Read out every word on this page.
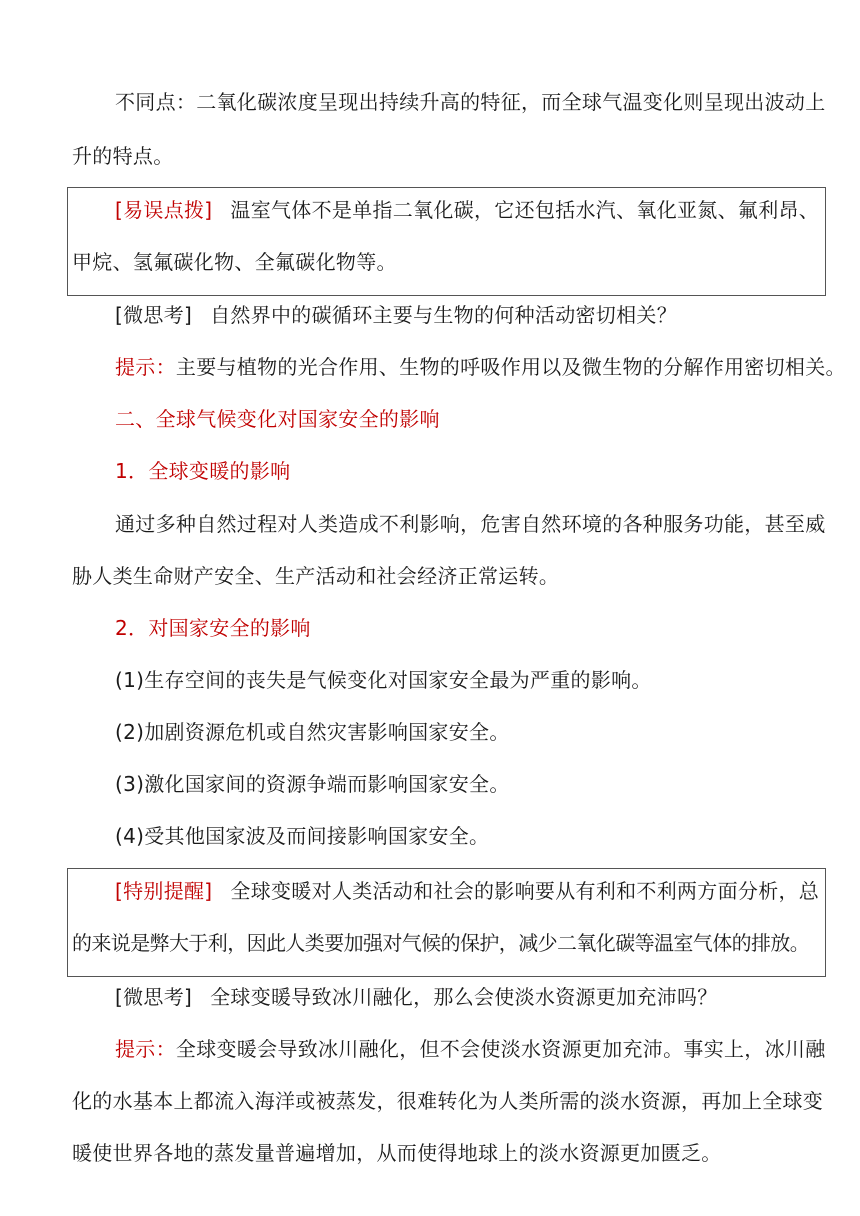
不同点：二氧化碳浓度呈现出持续升高的特征，而全球气温变化则呈现出波动上
升的特点。
[易误点拨] 温室气体不是单指二氧化碳，它还包括水汽、氧化亚氮、氟利昂、
甲烷、氢氟碳化物、全氟碳化物等。
[微思考] 自然界中的碳循环主要与生物的何种活动密切相关？
提示：主要与植物的光合作用、生物的呼吸作用以及微生物的分解作用密切相关。
二、全球气候变化对国家安全的影响
1．全球变暖的影响
通过多种自然过程对人类造成不利影响，危害自然环境的各种服务功能，甚至威
胁人类生命财产安全、生产活动和社会经济正常运转。
2．对国家安全的影响
(1)生存空间的丧失是气候变化对国家安全最为严重的影响。
(2)加剧资源危机或自然灾害影响国家安全。
(3)激化国家间的资源争端而影响国家安全。
(4)受其他国家波及而间接影响国家安全。
[特别提醒] 全球变暖对人类活动和社会的影响要从有利和不利两方面分析，总
的来说是弊大于利，因此人类要加强对气候的保护，减少二氧化碳等温室气体的排放。
[微思考] 全球变暖导致冰川融化，那么会使淡水资源更加充沛吗？
提示：全球变暖会导致冰川融化，但不会使淡水资源更加充沛。事实上，冰川融
化的水基本上都流入海洋或被蒸发，很难转化为人类所需的淡水资源，再加上全球变
暖使世界各地的蒸发量普遍增加，从而使得地球上的淡水资源更加匮乏。
